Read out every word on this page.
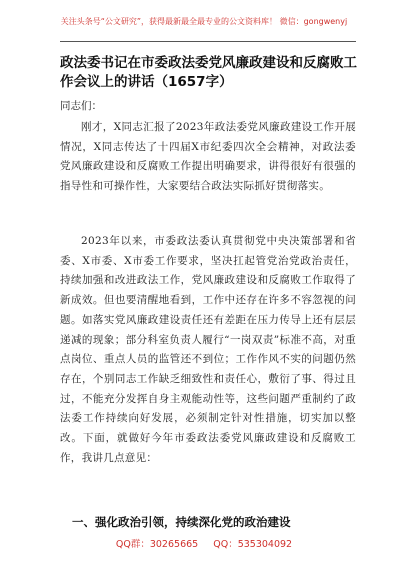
关注头条号“公文研究”，获得最新最全最专业的公文资料库！ 微信：gongwenyj
政法委书记在市委政法委党风廉政建设和反腐败工作会议上的讲话（1657字）
同志们：

刚才，X同志汇报了2023年政法委党风廉政建设工作开展情况，X同志传达了十四届X市纪委四次全会精神，对政法委党风廉政建设和反腐败工作提出明确要求，讲得很好有很强的指导性和可操作性，大家要结合政法实际抓好贯彻落实。

2023年以来，市委政法委认真贯彻党中央决策部署和省委、X市委、X市委工作要求，坚决扛起管党治党政治责任，持续加强和改进政法工作，党风廉政建设和反腐败工作取得了新成效。但也要清醒地看到，工作中还存在许多不容忽视的问题。如落实党风廉政建设责任还有差距在压力传导上还有层层递减的现象；部分科室负责人履行“一岗双责”标准不高，对重点岗位、重点人员的监管还不到位；工作作风不实的问题仍然存在，个别同志工作缺乏细致性和责任心，敷衍了事、得过且过，不能充分发挥自身主观能动性等，这些问题严重制约了政法委工作持续向好发展，必须制定针对性措施，切实加以整改。下面，就做好今年市委政法委党风廉政建设和反腐败工作，我讲几点意见：

一、强化政治引领，持续深化党的政治建设
QQ群：30265665 QQ：535304092
